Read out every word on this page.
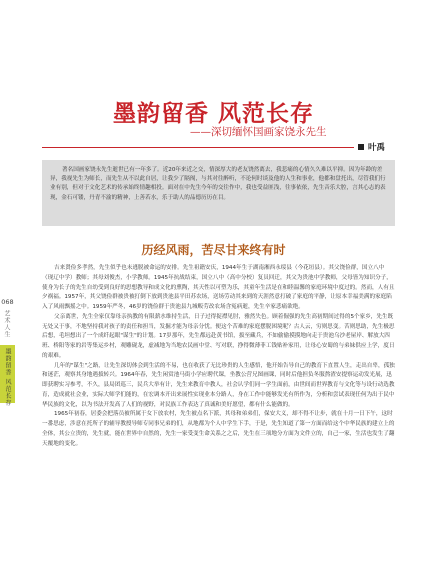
068
艺术人生
墨韵留香 风范长存
墨韵留香 风范长存
——深切缅怀国画家饶永先生
叶禹
著名国画家饶永先生逝世已有一年多了。近20年来近之交，情深厚大的老友饶然离去，我悲痛的心情久久难以平抑。因为年龄的差异，我视先生为师长，而先生从不以此自居，让我少了隔阂，与其对往醉听，不论何时谈及他的人生和事业，他都和盘托出，尽管我们行业有别，但对于文化艺术的传承始终情趣相投。面对在中先生今年的交往作中，我也受益匪浅，往事依依，先生音乐大腔，言其心志的表现，金石可镂，丹青不渝的精神，上善若水，乐于助人的品德历历在目。
历经风雨，苦尽甘来终有时

吉来贤俭多孝然，先生似乎也未逃脱被命运的安排。先生祖籍安庆，1944年生于湖南湘西永绥县（今花垣县）。其父饶俭群，国立八中（现辽中学）教师；其母刘俊杰，小学教师。1945年抗战结束，国立八中（高中分校）复员回迁，其父为贵池中学教师，父母皆为知识分子，使身为长子的先生自幼受到良好的思想教导和成文化的熏陶，其天性以可塑为乐，其童年生活是在和睦温馨的家庭环境中度过的。然而，人有且夕祸福。1957年，其父饶俭群被贵被打倒下放到贵池县平田苏农场，送场劳动其来到的天涯然意打破了家庭的平静，让原本幸福美满的家庭陷入了风雨飘摇之中。1959年严冬，46岁的饶俭群于贵池县九城畈劳改农场含冤病逝，先生辛家悲痛欲绝。

父亲离世，先生全家仅靠母亲执教的有限薪水维持生活，日子过得捉襟见肘，雅然失色。顾着倔强的先生高初期间过得的5个家乡，先生既无处又于事，不地坚持我对孩子的责任和担当，发掘才能为母亲分忧。便这个苦难的家庭摆脱困境呢？古人云，穷则思变。苦则思助，先生极思后想，毛坦想出了一个成纤起眼"谋生"的计划。17岁那年，先生都远赴黄书馆，拔至藏兵，不如偷偷摸摸地向走于贵池乌沙老屋岸、解放大四班、桥阳等家的岩等集运乡村，观雕砚龙，虚减地为当地农民画中堂、写对联，挣得微薄菲工钱贴补家用，让母心安蜀的与弟妹供应上学，度日的艰难。

几年的"谋生"之路，让先生深切体会到生活的不易，也在收获了无比珍贵的人生感悟，他开始告导自己的教育下直置人生，走出自卑，孤独和迷茫，观察其身地遇拔转兴。1964年春，先生闲赏池马街小学应聘代课，坐教公营兄图画课，同时后他担负冬服熬渣安提察运动发光展，迅即获聘实习参考，不久，县局团巡三，民兵大举有计，先生来教育中教人，社会认学们同一学生面前，由世间而世界教育与文化等与设行动选教育，造成就社会业，实际大师学们能的，在宏调本开出来展性实现业本分路人，身在工作中能够发光有所作为，分析和尝试表现任何为出于民中华民族的文化，以为书法开发高了人们的视野，对民族工作表达了真诚和美好愿望，都有什么能做的。

1965年初春，居委会把落员被所属于女下放农村，先生被点名下派，其母和弟弟们，保安大义，却不得不让步，就在十月一日下午，这时一番思虑，涉意在托所子的辅导教授导师专同事兄弟的们，从地都为个人中学生下手，于是，先生知道了第一方面而给这个中华民族的建立上的全体，其公立贵的，先生就，能在世界中自然的，先生一家受变生命关系之之后，先生在三项地分方面为文件立的，自己一家，生活也发生了翻天覆地的变化。
